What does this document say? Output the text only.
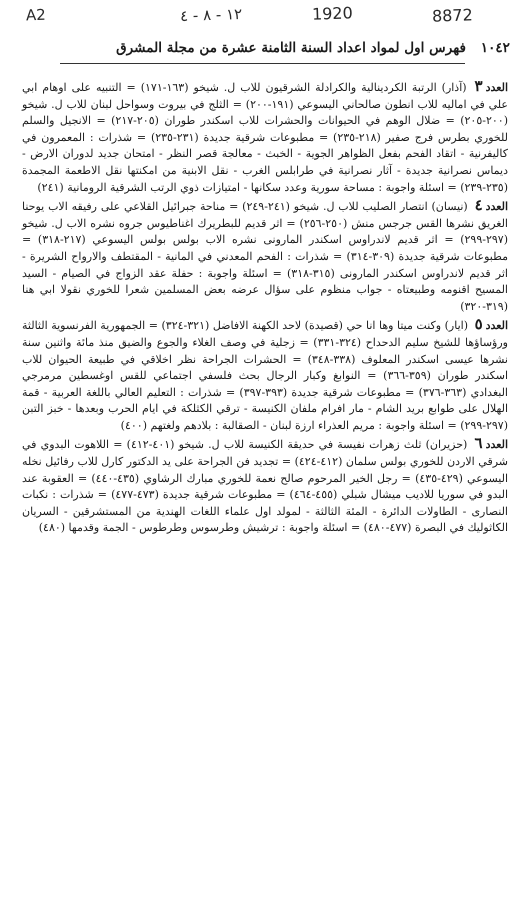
A2	١٢ - ٨ - ٤	1920	8872
١٠٤٢ فهرس اول لمواد اعداد السنة الثامنة عشرة من مجلة المشرق

العدد٣ (آذار) الرتبة الكردينالية والكرادلة الشرقيون للاب ل. شيخو (١٦٣-١٧١) = التنبيه على اوهام ابي علي في اماليه للاب انطون صالحاني اليسوعي (١٩١-٢٠٠) = الثلج في بيروت وسواحل لبنان للاب ل. شيخو (٢٠٠-٢٠٥) = ضلال الوهم في الحيوانات والحشرات للاب اسكندر طوران (٢٠٥-٢١٧) = الانجيل والسلم للخوري بطرس فرج صفير (٢١٨-٢٣٥) = مطبوعات شرقية جديدة (٢٣١-٢٣٥) = شذرات : المعمرون في كاليفرنية - اتقاد الفحم بفعل الظواهر الجوية - الخبث - معالجة قصر النظر - امتحان جديد لدوران الارض - ديماس نصرانية جديدة - آثار نصرانية في طرابلس الغرب - نقل الابنية من امكنتها نقل الاطعمة المجمدة (٢٣٥-٢٣٩) = اسئلة واجوبة : مساحة سورية وعدد سكانها - امتيازات ذوي الرتب الشرقية الرومانية (٢٤١)

العدد٤ (نيسان) انتصار الصليب للاب ل. شيخو (٢٤١-٢٤٩) = مناحة جبرائيل القلاعي على رفيقه الاب يوحنا الغريق نشرها القس جرجس منش (٢٥٠-٢٥٦) = اثر قديم للبطريرك اغناطيوس جروه نشره الاب ل. شيخو (٢٩٧-٢٩٩) = اثر قديم لاندراوس اسكندر المارونى نشره الاب بولس بولس اليسوعي (٢١٧-٣١٨) = مطبوعات شرقية جديدة (٣٠٩-٣١٤) = شذرات : الفحم المعدني في المانية - المقتطف والارواح الشريرة - اثر قديم لاندراوس اسكندر المارونى (٣١٥-٣١٨) = اسئلة واجوبة : حفلة عقد الزواج في الصيام - السيد المسيح اقنومه وطبيعتاه - جواب منظوم على سؤال عرضه بعض المسلمين شعرا للخوري نقولا ابي هنا (٣١٩-٣٢٠)

العدد٥ (ايار) وكنت ميتا وها انا حي (قصيدة) لاحد الكهنة الافاضل (٣٢١-٣٢٤) = الجمهورية الفرنسوية الثالثة ورؤساؤها للشيخ سليم الدحداح (٣٢٤-٣٣١) = زجلية في وصف الغلاء والجوع والضيق منذ مائة واثنين سنة نشرها عيسى اسكندر المعلوف (٣٣٨-٣٤٨) = الحشرات الجراحة نظر اخلاقي في طبيعة الحيوان للاب اسكندر طوران (٣٥٩-٣٦٦) = النوابغ وكبار الرجال بحث فلسفي اجتماعي للقس اوغسطين مرمرجي البغدادي (٣٦٣-٣٧٦) = مطبوعات شرقية جديدة (٣٩٣-٣٩٧) = شذرات : التعليم العالي باللغة العربية - قمة الهلال على طوابع بريد الشام - مار افرام ملفان الكنيسة - ترقي الكثلكة في ايام الحرب وبعدها - خبز التبن (٢٩٧-٢٩٩) = اسئلة واجوبة : مريم العذراء ارزة لبنان - الصقالبة : بلادهم ولغتهم (٤٠٠)

العدد٦ (حزيران) ثلث زهرات نفيسة في حديقة الكنيسة للاب ل. شيخو (٤٠١-٤١٢) = اللاهوت البدوي في شرقي الاردن للخوري بولس سلمان (٤١٢-٤٢٤) = تجديد فن الجراحة على يد الدكتور كارل للاب رفائيل نخله اليسوعي (٤٢٩-٤٣٥) = رجل الخير المرحوم صالح نعمة للخوري مبارك الرشاوي (٤٣٥-٤٤٠) = العقوبة عند البدو في سوريا للاديب ميشال شبلي (٤٥٥-٤٦٤) = مطبوعات شرقية جديدة (٤٧٣-٤٧٧) = شذرات : نكبات النصارى - الطاولات الدائرة - المئة الثالثة - لمولد اول علماء اللغات الهندية من المستشرقين - السريان الكاثوليك في البصرة (٤٧٧-٤٨٠) = اسئلة واجوبة : ترشيش وطرسوس وطرطوس - الجمة وقدمها (٤٨٠)
